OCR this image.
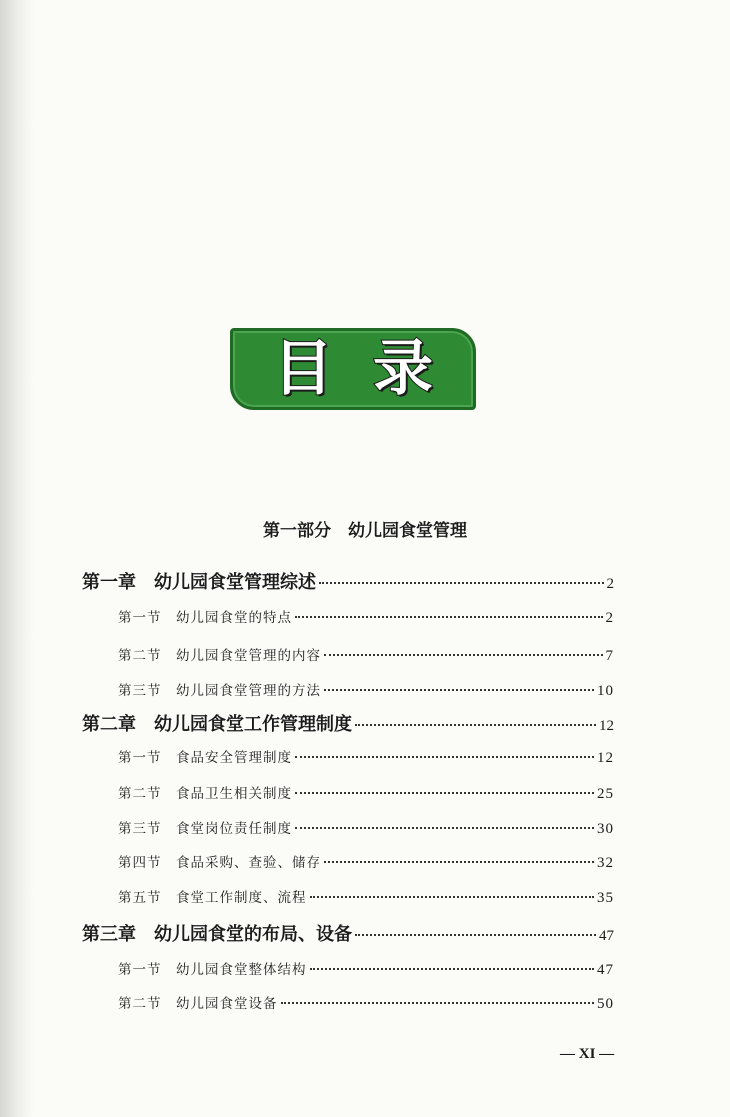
目录
第一部分　幼儿园食堂管理
第一章　幼儿园食堂管理综述	2
第一节　幼儿园食堂的特点	2
第二节　幼儿园食堂管理的内容	7
第三节　幼儿园食堂管理的方法	10
第二章　幼儿园食堂工作管理制度	12
第一节　食品安全管理制度	12
第二节　食品卫生相关制度	25
第三节　食堂岗位责任制度	30
第四节　食品采购、查验、储存	32
第五节　食堂工作制度、流程	35
第三章　幼儿园食堂的布局、设备	47
第一节　幼儿园食堂整体结构	47
第二节　幼儿园食堂设备	50
— XI —
